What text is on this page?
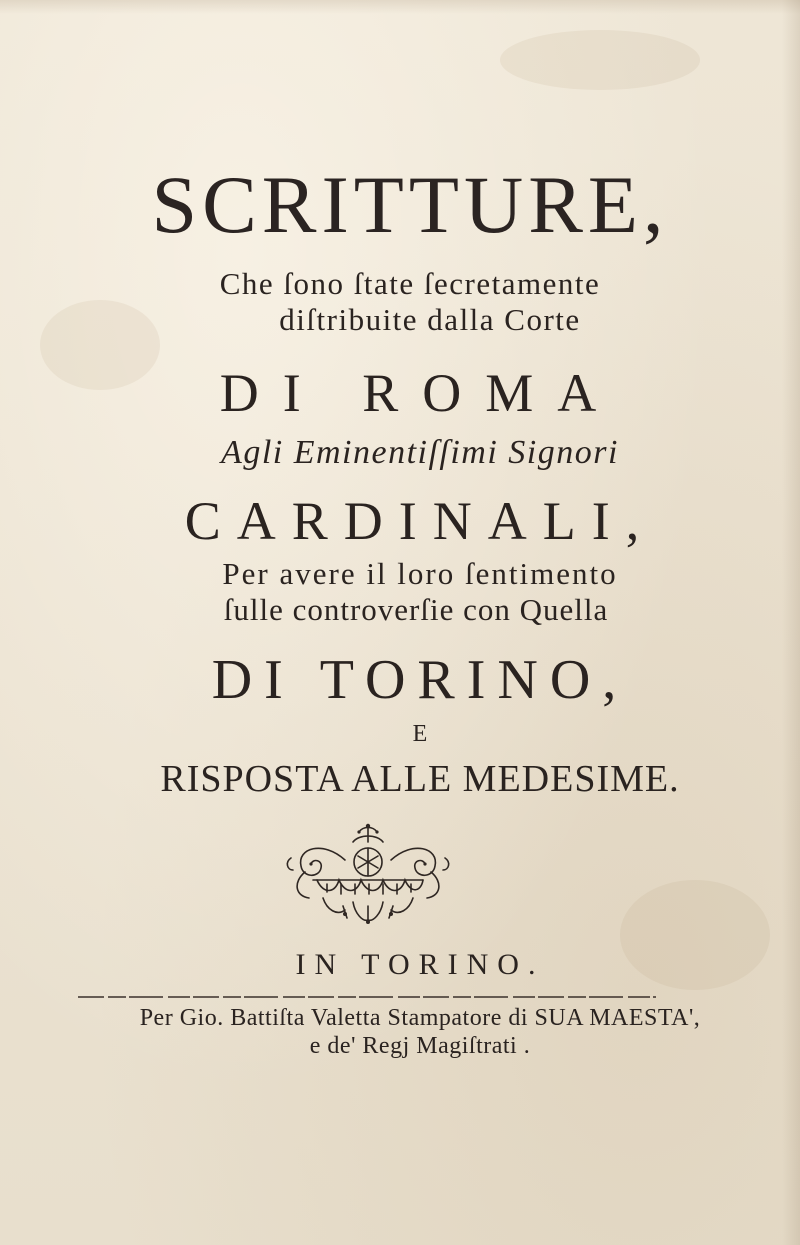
SCRITTURE,
Che ſono ſtate ſecretamente
diſtribuite dalla Corte
DI ROMA
Agli Eminentiſſimi Signori
CARDINALI,
Per avere il loro ſentimento
ſulle controverſie con Quella
DI TORINO,
E
RISPOSTA ALLE MEDESIME.
IN TORINO.
Per Gio. Battiſta Valetta Stampatore di SUA MAESTA',
e de' Regj Magiſtrati .
